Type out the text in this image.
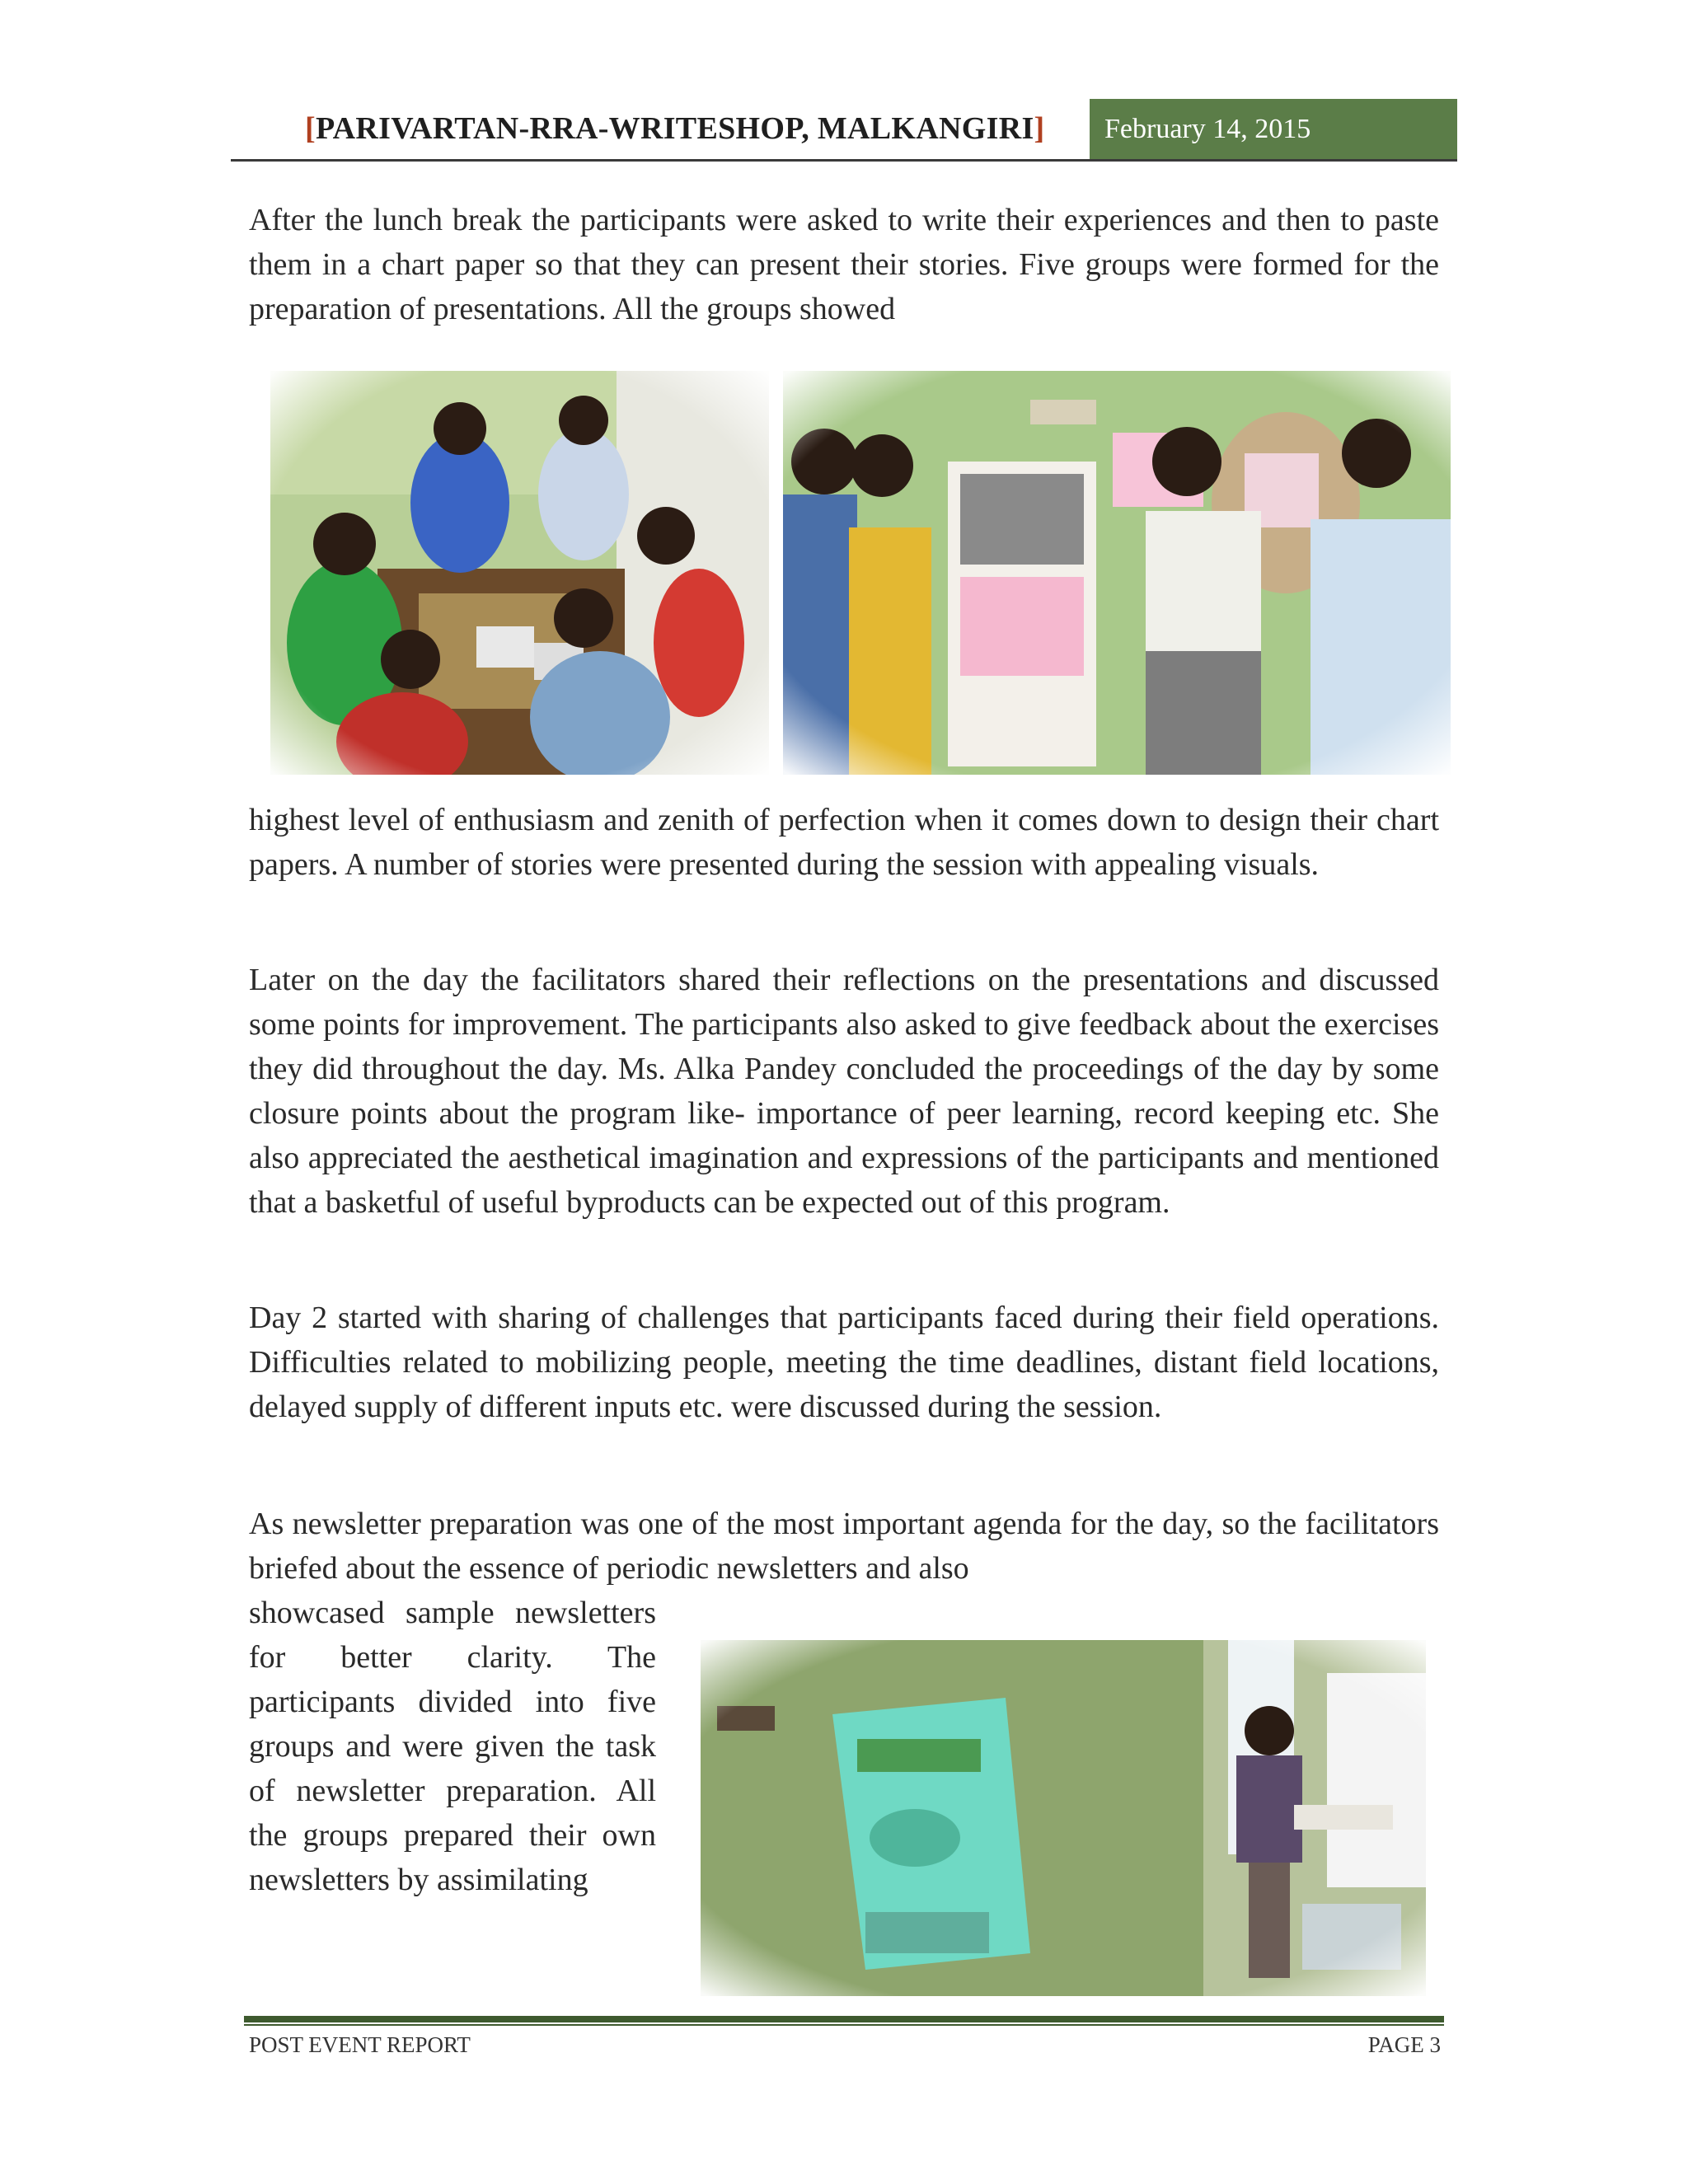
[PARIVARTAN-RRA-WRITESHOP, MALKANGIRI] February 14, 2015
After the lunch break the participants were asked to write their experiences and then to paste them in a chart paper so that they can present their stories. Five groups were formed for the preparation of presentations. All the groups showed
highest level of enthusiasm and zenith of perfection when it comes down to design their chart papers. A number of stories were presented during the session with appealing visuals.
Later on the day the facilitators shared their reflections on the presentations and discussed some points for improvement. The participants also asked to give feedback about the exercises they did throughout the day. Ms. Alka Pandey concluded the proceedings of the day by some closure points about the program like- importance of peer learning, record keeping etc. She also appreciated the aesthetical imagination and expressions of the participants and mentioned that a basketful of useful byproducts can be expected out of this program.
Day 2 started with sharing of challenges that participants faced during their field operations. Difficulties related to mobilizing people, meeting the time deadlines, distant field locations, delayed supply of different inputs etc. were discussed during the session.
As newsletter preparation was one of the most important agenda for the day, so the facilitators briefed about the essence of periodic newsletters and also
showcased sample newsletters for better clarity. The participants divided into five groups and were given the task of newsletter preparation. All the groups prepared their own newsletters by assimilating
POST EVENT REPORT	PAGE 3
